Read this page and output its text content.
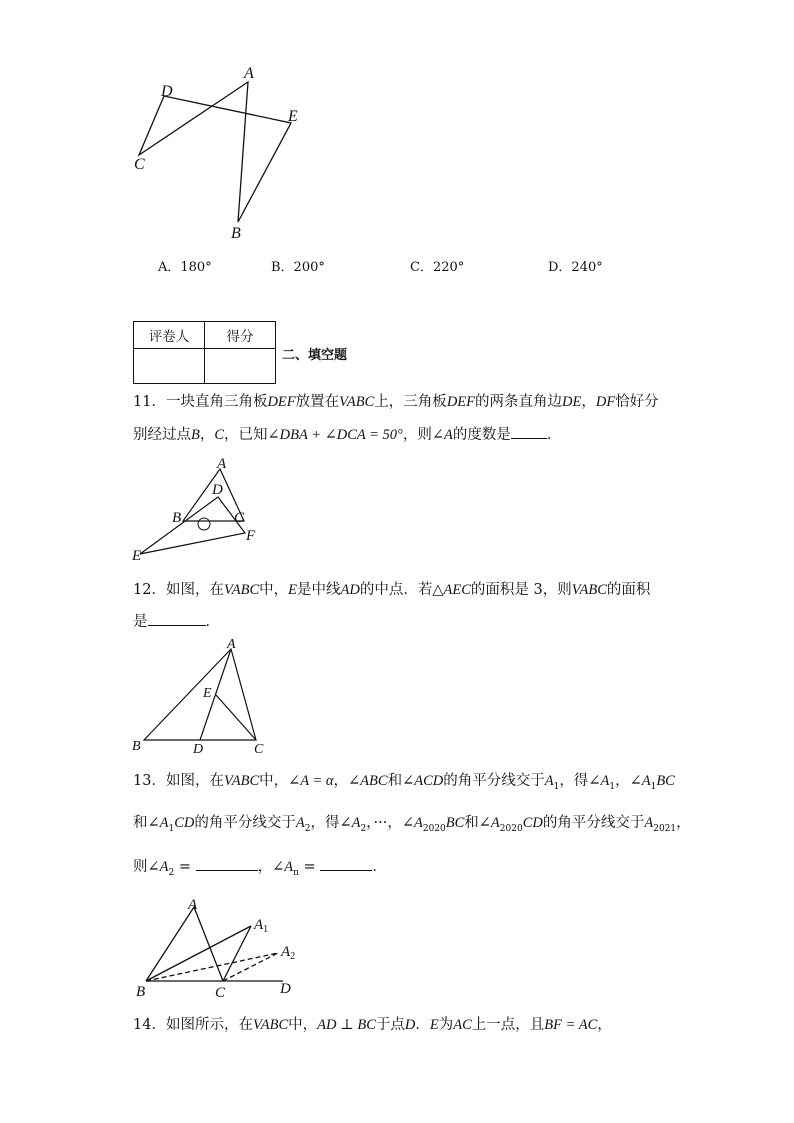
A
D
E
C
B
A．180°	B．200°	C．220°	D．240°
评卷人	得分

二、填空题
11．一块直角三角板DEF放置在VABC上，三角板DEF的两条直角边DE，DF恰好分
别经过点B，C，已知∠DBA + ∠DCA = 50°，则∠A的度数是 ．
A
D
B	C
F
E
12．如图，在VABC中，E是中线AD的中点．若△AEC的面积是 3，则VABC的面积
是	．
A
E
B	D	C
13．如图，在VABC中，∠A = α，∠ABC和∠ACD的角平分线交于$A_1$，得$\angle A_1$，$\angle A_1BC$
和$\angle A_1CD$的角平分线交于$A_2$，得$\angle A_2$，···，$\angle A_{2020}BC$和$\angle A_{2020}CD$的角平分线交于$A_{2021}$，
则$\angle A_2$ =	，$\angle A_n$ =	．
A
$A_1$
$A_2$
B	C	D
14．如图所示，在VABC中，AD ⊥ BC于点D．E为AC上一点，且BF = AC，
